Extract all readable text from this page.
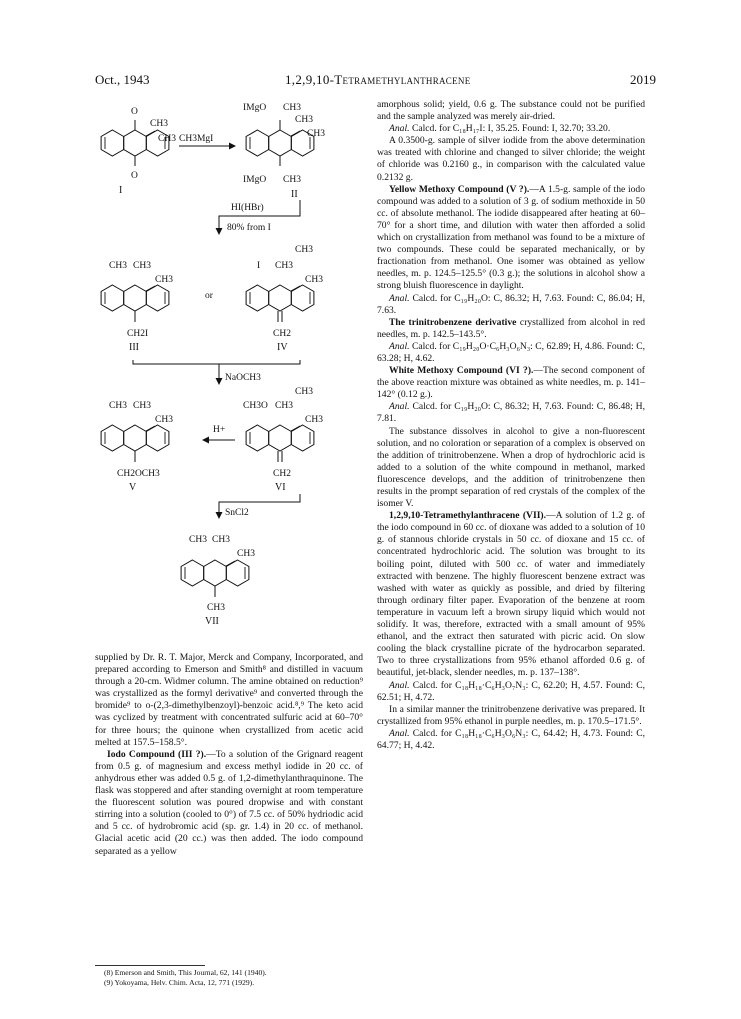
Oct., 1943	1,2,9,10-Tetramethylanthracene	2019
O
CH3
CH3
O
I
CH3MgI
IMgO CH3
CH3
CH3
IMgO CH3
II
HI(HBr)
80% from I
CH3 CH3
CH3
CH2I
III
or
CH3
I CH3
CH3
CH2
IV
NaOCH3
CH3 CH3
CH3
CH2OCH3
V
H+
CH3
CH3O CH3
CH3
CH2
VI
SnCl2
CH3 CH3
CH3
CH3
VII

supplied by Dr. R. T. Major, Merck and Company, Incorporated, and prepared according to Emerson and Smith⁸ and distilled in vacuum through a 20-cm. Widmer column. The amine obtained on reduction⁹ was crystallized as the formyl derivative⁹ and converted through the bromide⁹ to o-(2,3-dimethylbenzoyl)-benzoic acid.⁸,⁹ The keto acid was cyclized by treatment with concentrated sulfuric acid at 60–70° for three hours; the quinone when crystallized from acetic acid melted at 157.5–158.5°.

Iodo Compound (III ?).—To a solution of the Grignard reagent from 0.5 g. of magnesium and excess methyl iodide in 20 cc. of anhydrous ether was added 0.5 g. of 1,2-dimethylanthraquinone. The flask was stoppered and after standing overnight at room temperature the fluorescent solution was poured dropwise and with constant stirring into a solution (cooled to 0°) of 7.5 cc. of 50% hydriodic acid and 5 cc. of hydrobromic acid (sp. gr. 1.4) in 20 cc. of methanol. Glacial acetic acid (20 cc.) was then added. The iodo compound separated as a yellow

(8) Emerson and Smith, This Journal, 62, 141 (1940).
(9) Yokoyama, Helv. Chim. Acta, 12, 771 (1929).

amorphous solid; yield, 0.6 g. The substance could not be purified and the sample analyzed was merely air-dried.

Anal. Calcd. for C₁₈H₁₇I: I, 35.25. Found: I, 32.70; 33.20.

A 0.3500-g. sample of silver iodide from the above determination was treated with chlorine and changed to silver chloride; the weight of chloride was 0.2160 g., in comparison with the calculated value 0.2132 g.

Yellow Methoxy Compound (V ?).—A 1.5-g. sample of the iodo compound was added to a solution of 3 g. of sodium methoxide in 50 cc. of absolute methanol. The iodide disappeared after heating at 60–70° for a short time, and dilution with water then afforded a solid which on crystallization from methanol was found to be a mixture of two compounds. These could be separated mechanically, or by fractionation from methanol. One isomer was obtained as yellow needles, m. p. 124.5–125.5° (0.3 g.); the solutions in alcohol show a strong bluish fluorescence in daylight.

Anal. Calcd. for C₁₉H₂₀O: C, 86.32; H, 7.63. Found: C, 86.04; H, 7.63.

The trinitrobenzene derivative crystallized from alcohol in red needles, m. p. 142.5–143.5°.

Anal. Calcd. for C₁₉H₂₀O·C₆H₃O₆N₃: C, 62.89; H, 4.86. Found: C, 63.28; H, 4.62.

White Methoxy Compound (VI ?).—The second component of the above reaction mixture was obtained as white needles, m. p. 141–142° (0.12 g.).

Anal. Calcd. for C₁₉H₂₀O: C, 86.32; H, 7.63. Found: C, 86.48; H, 7.81.

The substance dissolves in alcohol to give a non-fluorescent solution, and no coloration or separation of a complex is observed on the addition of trinitrobenzene. When a drop of hydrochloric acid is added to a solution of the white compound in methanol, marked fluorescence develops, and the addition of trinitrobenzene then results in the prompt separation of red crystals of the complex of the isomer V.

1,2,9,10-Tetramethylanthracene (VII).—A solution of 1.2 g. of the iodo compound in 60 cc. of dioxane was added to a solution of 10 g. of stannous chloride crystals in 50 cc. of dioxane and 15 cc. of concentrated hydrochloric acid. The solution was brought to its boiling point, diluted with 500 cc. of water and immediately extracted with benzene. The highly fluorescent benzene extract was washed with water as quickly as possible, and dried by filtering through ordinary filter paper. Evaporation of the benzene at room temperature in vacuum left a brown sirupy liquid which would not solidify. It was, therefore, extracted with a small amount of 95% ethanol, and the extract then saturated with picric acid. On slow cooling the black crystalline picrate of the hydrocarbon separated. Two to three crystallizations from 95% ethanol afforded 0.6 g. of beautiful, jet-black, slender needles, m. p. 137–138°.

Anal. Calcd. for C₁₈H₁₈·C₆H₃O₇N₃: C, 62.20; H, 4.57. Found: C, 62.51; H, 4.72.

In a similar manner the trinitrobenzene derivative was prepared. It crystallized from 95% ethanol in purple needles, m. p. 170.5–171.5°.

Anal. Calcd. for C₁₈H₁₈·C₆H₃O₆N₃: C, 64.42; H, 4.73. Found: C, 64.77; H, 4.42.
